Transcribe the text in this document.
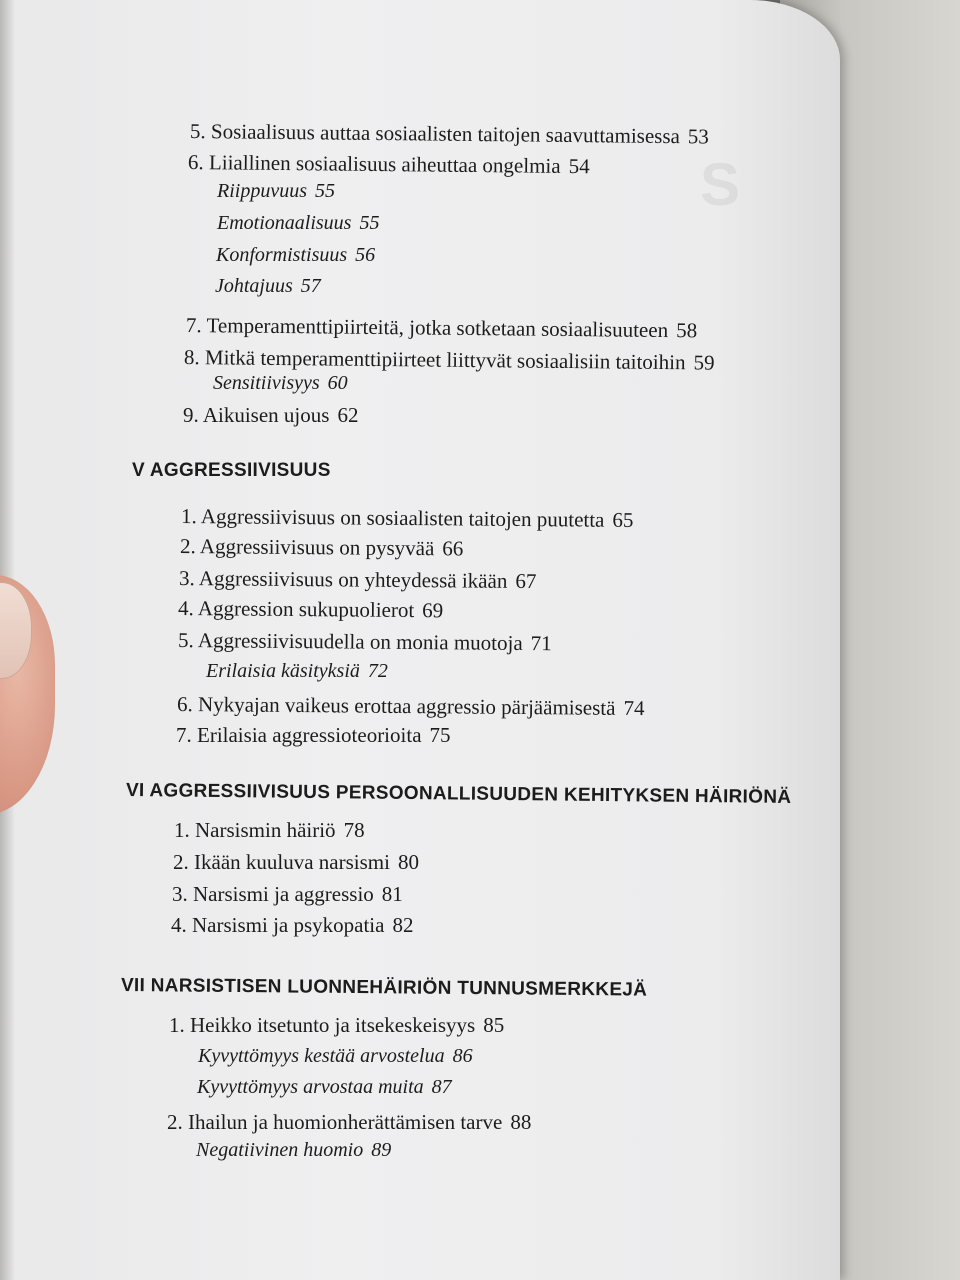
S
5. Sosiaalisuus auttaa sosiaalisten taitojen saavuttamisessa 53
6. Liiallinen sosiaalisuus aiheuttaa ongelmia 54
Riippuvuus 55
Emotionaalisuus 55
Konformistisuus 56
Johtajuus 57
7. Temperamenttipiirteitä, jotka sotketaan sosiaalisuuteen 58
8. Mitkä temperamenttipiirteet liittyvät sosiaalisiin taitoihin 59
Sensitiivisyys 60
9. Aikuisen ujous 62
V AGGRESSIIVISUUS
1. Aggressiivisuus on sosiaalisten taitojen puutetta 65
2. Aggressiivisuus on pysyvää 66
3. Aggressiivisuus on yhteydessä ikään 67
4. Aggression sukupuolierot 69
5. Aggressiivisuudella on monia muotoja 71
Erilaisia käsityksiä 72
6. Nykyajan vaikeus erottaa aggressio pärjäämisestä 74
7. Erilaisia aggressioteorioita 75
VI AGGRESSIIVISUUS PERSOONALLISUUDEN KEHITYKSEN HÄIRIÖNÄ
1. Narsismin häiriö 78
2. Ikään kuuluva narsismi 80
3. Narsismi ja aggressio 81
4. Narsismi ja psykopatia 82
VII NARSISTISEN LUONNEHÄIRIÖN TUNNUSMERKKEJÄ
1. Heikko itsetunto ja itsekeskeisyys 85
Kyvyttömyys kestää arvostelua 86
Kyvyttömyys arvostaa muita 87
2. Ihailun ja huomionherättämisen tarve 88
Negatiivinen huomio 89
